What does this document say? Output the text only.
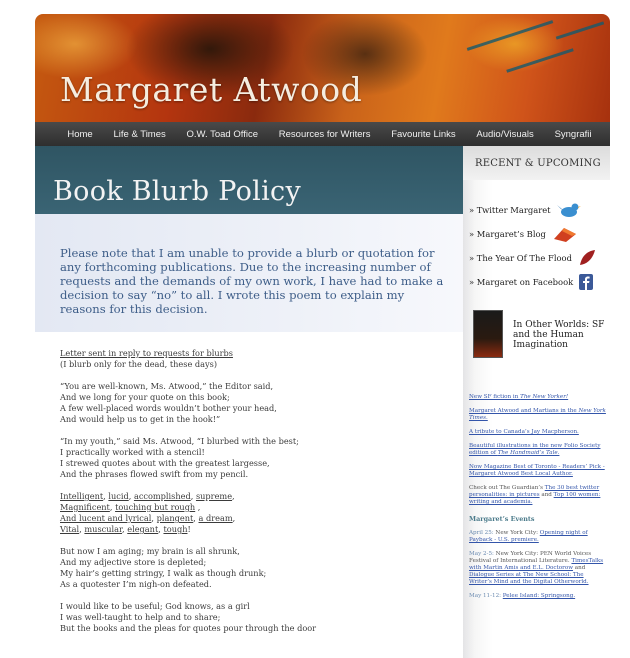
Margaret Atwood
Home Life & Times O.W. Toad Office Resources for Writers Favourite Links Audio/Visuals Syngrafii
Book Blurb Policy

Please note that I am unable to provide a blurb or quotation for any forthcoming publications. Due to the increasing number of requests and the demands of my own work, I have had to make a decision to say “no” to all. I wrote this poem to explain my reasons for this decision.

Letter sent in reply to requests for blurbs
(I blurb only for the dead, these days)
“You are well-known, Ms. Atwood,” the Editor said,
And we long for your quote on this book;
A few well-placed words wouldn’t bother your head,
And would help us to get in the hook!”
“In my youth,” said Ms. Atwood, “I blurbed with the best;
I practically worked with a stencil!
I strewed quotes about with the greatest largesse,
And the phrases flowed swift from my pencil.
Intelligent, lucid, accomplished, supreme,
Magnificent, touching but rough ,
And lucent and lyrical, plangent, a dream,
Vital, muscular, elegant, tough!
But now I am aging; my brain is all shrunk,
And my adjective store is depleted;
My hair’s getting stringy, I walk as though drunk;
As a quotester I’m nigh-on defeated.
I would like to be useful; God knows, as a girl
I was well-taught to help and to share;
But the books and the pleas for quotes pour through the door
RECENT & UPCOMING
» Twitter Margaret
» Margaret’s Blog
» The Year Of The Flood
» Margaret on Facebook
In Other Worlds: SF and the Human Imagination

New SF fiction in The New Yorker!

Margaret Atwood and Martians in the New York Times.

A tribute to Canada’s Jay Macpherson.

Beautiful illustrations in the new Folio Society edition of The Handmaid’s Tale.

Now Magazine Best of Toronto - Readers’ Pick - Margaret Atwood Best Local Author.

Check out The Guardian’s The 30 best twitter personalities: in pictures and Top 100 women: writing and academia.

Margaret’s Events

April 25: New York City: Opening night of Payback - U.S. premiere.

May 2-5: New York City: PEN World Voices Festival of International Literature. TimesTalks with Martin Amis and E.L. Doctorow and Dialogue Series at The New School: The Writer’s Mind and the Digital Otherworld.

May 11-12: Pelee Island: Springsong.
